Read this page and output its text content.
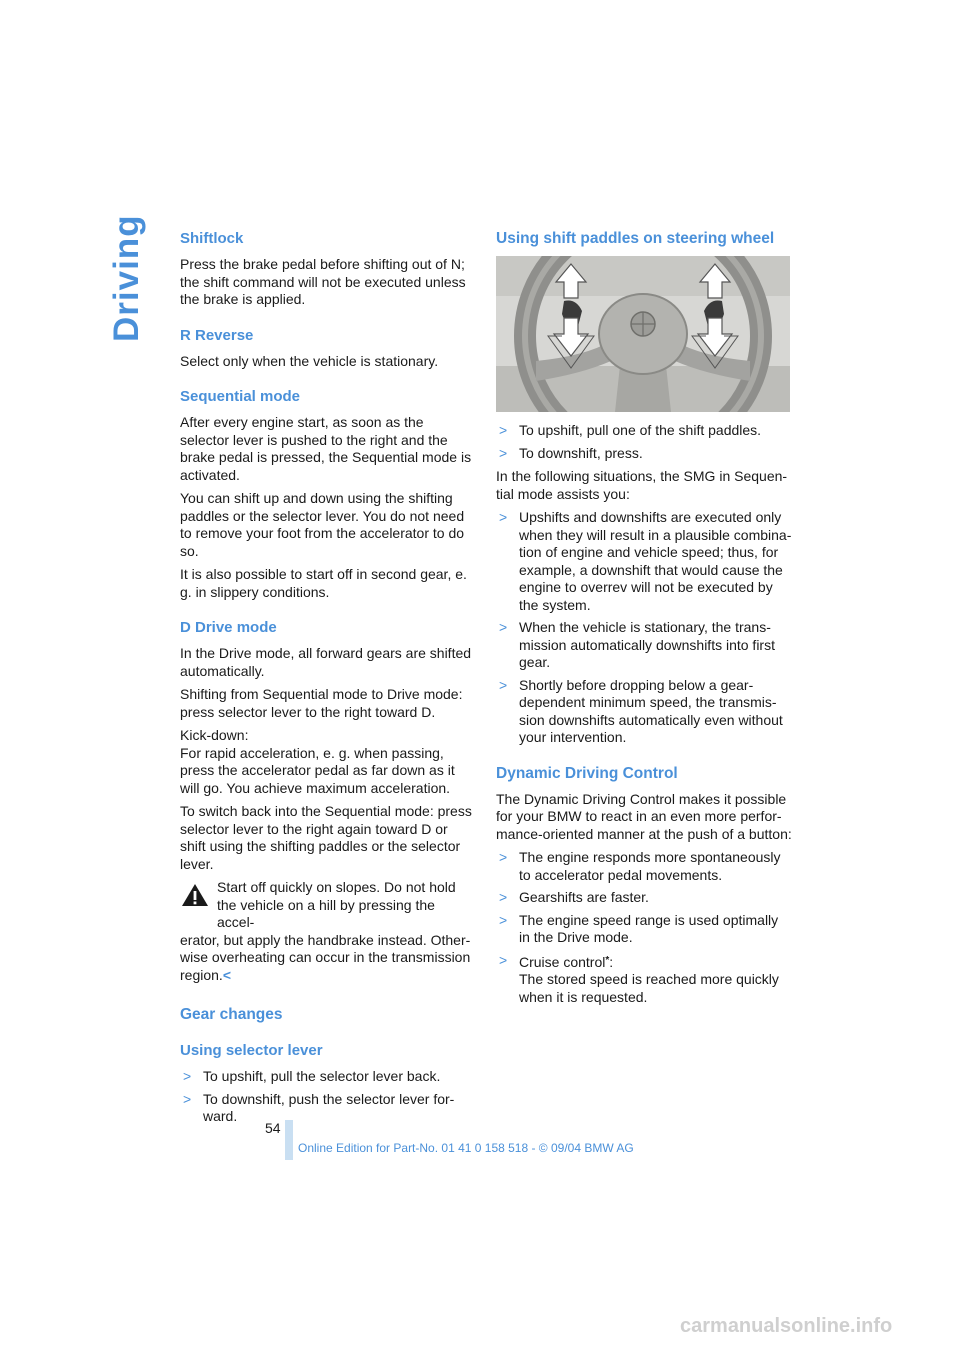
Driving Shiftlock

Press the brake pedal before shifting out of N; the shift command will not be executed unless the brake is applied.

R Reverse

Select only when the vehicle is stationary.

Sequential mode

After every engine start, as soon as the selector lever is pushed to the right and the brake pedal is pressed, the Sequential mode is activated.

You can shift up and down using the shifting paddles or the selector lever. You do not need to remove your foot from the accelerator to do so.

It is also possible to start off in second gear, e. g. in slippery conditions.

D Drive mode

In the Drive mode, all forward gears are shifted automatically.

Shifting from Sequential mode to Drive mode: press selector lever to the right toward D.

Kick-down:
For rapid acceleration, e. g. when passing, press the accelerator pedal as far down as it will go. You achieve maximum acceleration.

To switch back into the Sequential mode: press selector lever to the right again toward D or shift using the shifting paddles or the selector lever.

Start off quickly on slopes. Do not hold
the vehicle on a hill by pressing the accel-
erator, but apply the handbrake instead. Other-wise overheating can occur in the transmission region.<
Gear changes
Using selector lever
> To upshift, pull the selector lever back.
> To downshift, push the selector lever for-ward.
Using shift paddles on steering wheel
> To upshift, pull one of the shift paddles.
> To downshift, press.

In the following situations, the SMG in Sequen-tial mode assists you:

> Upshifts and downshifts are executed only when they will result in a plausible combina-tion of engine and vehicle speed; thus, for example, a downshift that would cause the engine to overrev will not be executed by the system.
> When the vehicle is stationary, the trans-mission automatically downshifts into first gear.
> Shortly before dropping below a gear-dependent minimum speed, the transmis-sion downshifts automatically even without your intervention.
Dynamic Driving Control

The Dynamic Driving Control makes it possible for your BMW to react in an even more perfor-mance-oriented manner at the push of a button:

> The engine responds more spontaneously to accelerator pedal movements.
> Gearshifts are faster.
> The engine speed range is used optimally in the Drive mode.
> Cruise control*:
The stored speed is reached more quickly when it is requested.
54
Online Edition for Part-No. 01 41 0 158 518 - © 09/04 BMW AG
carmanualsonline.info
